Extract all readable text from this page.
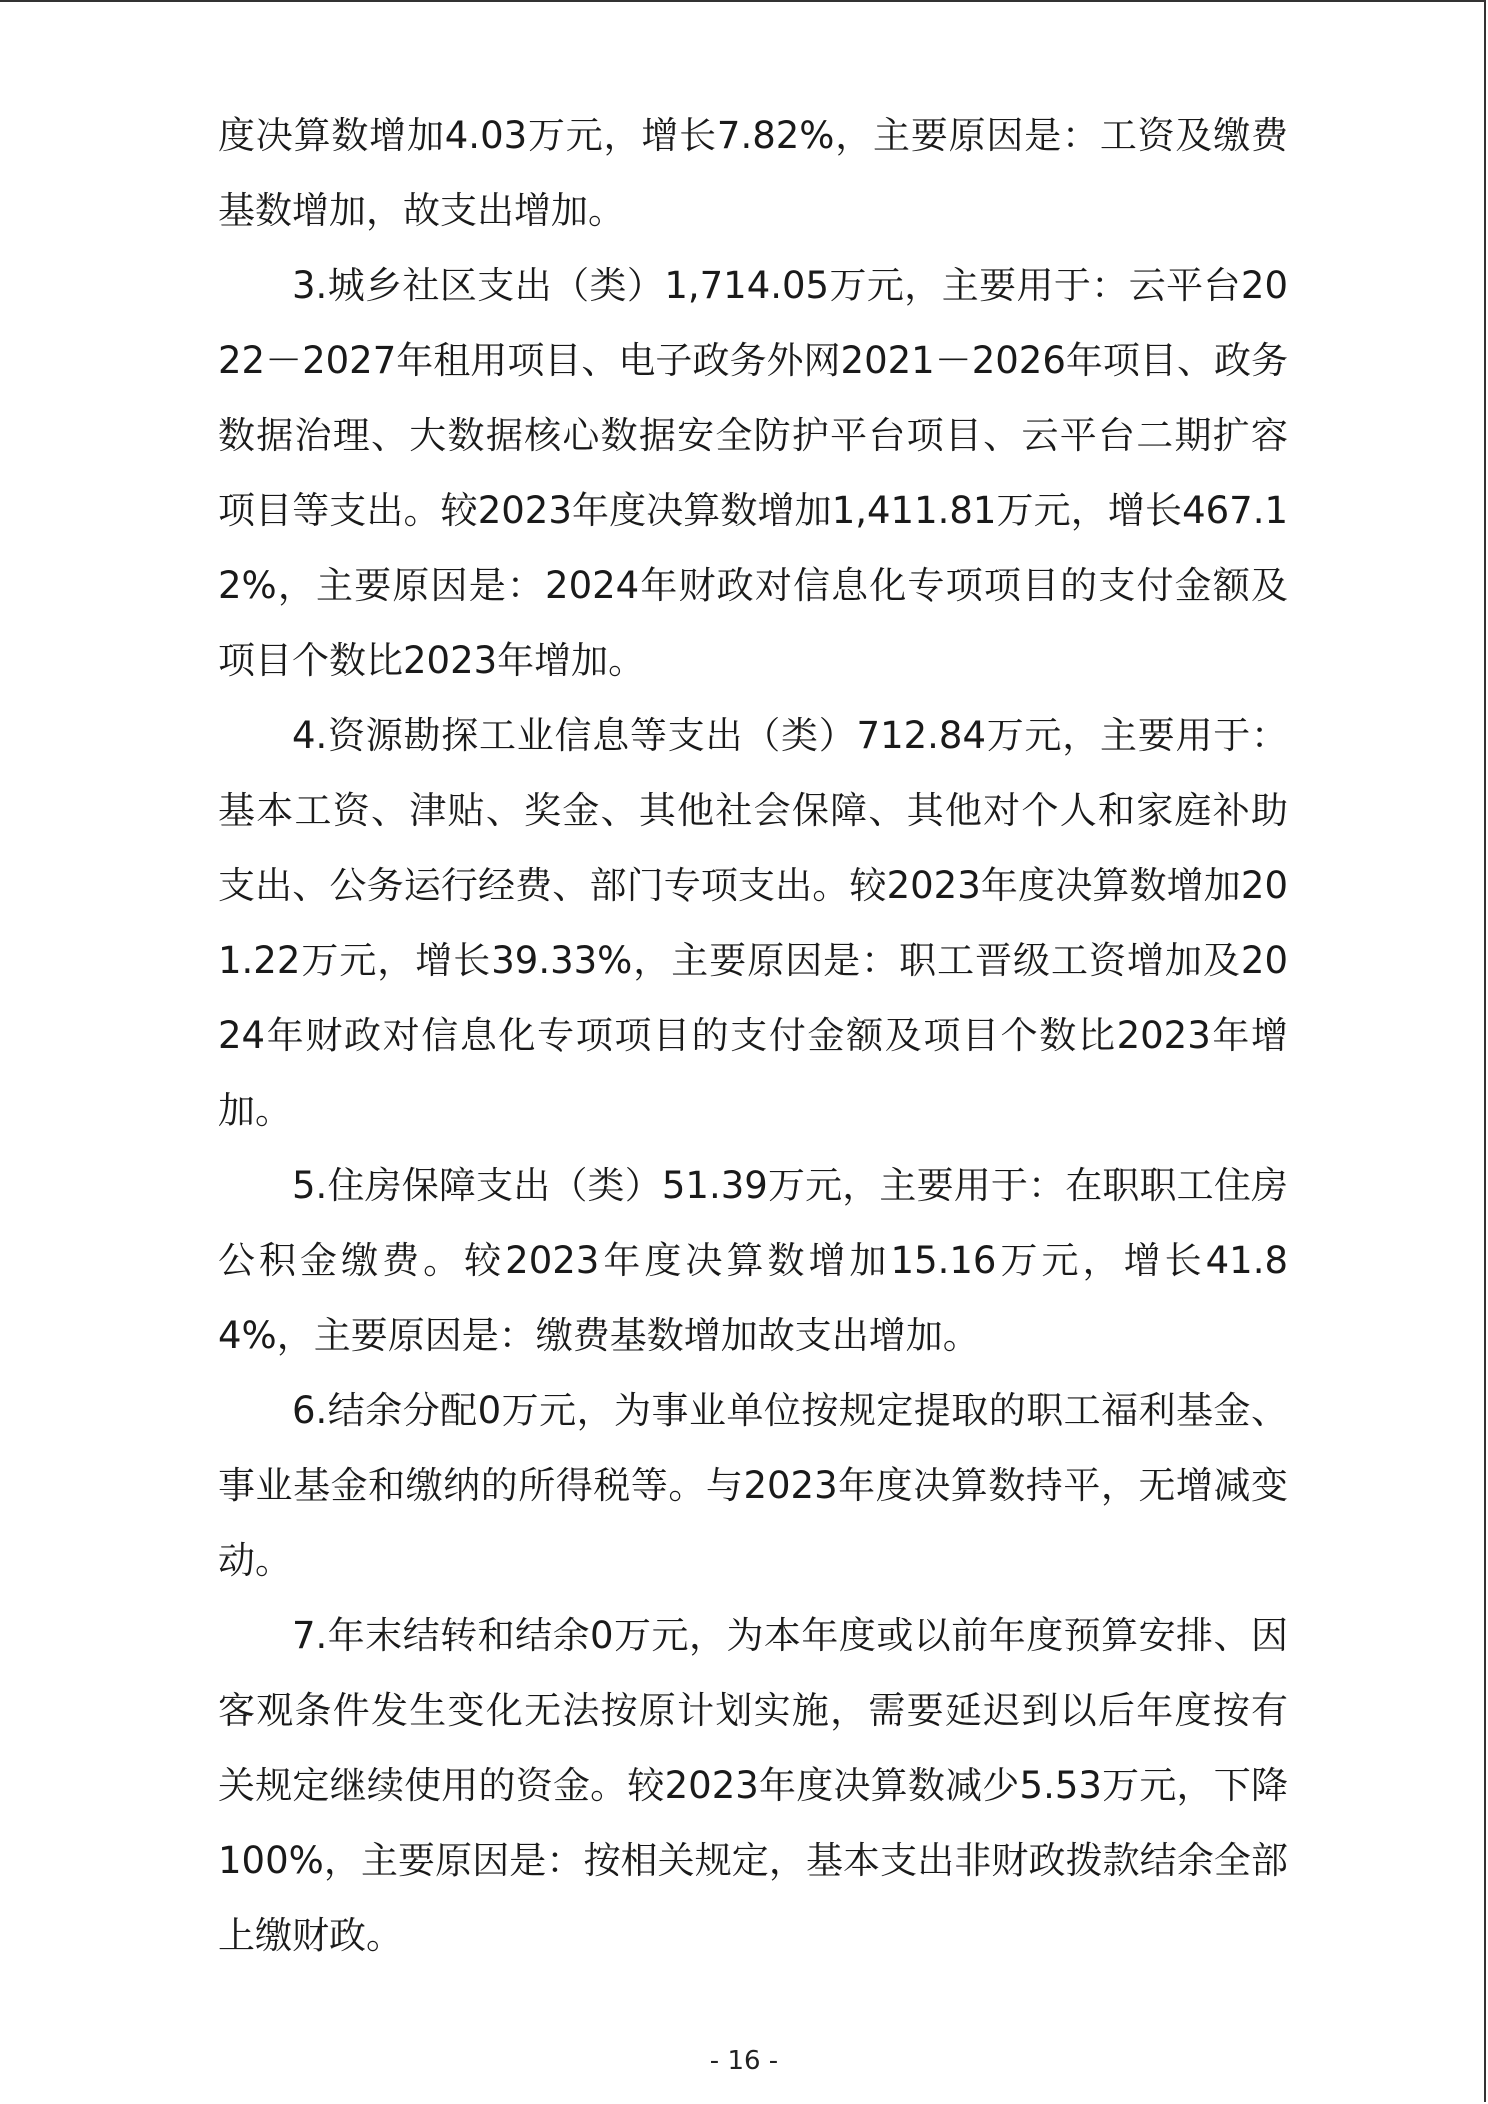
度决算数增加4.03万元，增长7.82%，主要原因是：工资及缴费基数增加，故支出增加。

3.城乡社区支出（类）1,714.05万元，主要用于：云平台2022－2027年租用项目、电子政务外网2021－2026年项目、政务数据治理、大数据核心数据安全防护平台项目、云平台二期扩容项目等支出。较2023年度决算数增加1,411.81万元，增长467.12%，主要原因是：2024年财政对信息化专项项目的支付金额及项目个数比2023年增加。

4.资源勘探工业信息等支出（类）712.84万元，主要用于：基本工资、津贴、奖金、其他社会保障、其他对个人和家庭补助支出、公务运行经费、部门专项支出。较2023年度决算数增加201.22万元，增长39.33%，主要原因是：职工晋级工资增加及2024年财政对信息化专项项目的支付金额及项目个数比2023年增加。

5.住房保障支出（类）51.39万元，主要用于：在职职工住房公积金缴费。较2023年度决算数增加15.16万元，增长41.84%，主要原因是：缴费基数增加故支出增加。

6.结余分配0万元，为事业单位按规定提取的职工福利基金、事业基金和缴纳的所得税等。与2023年度决算数持平，无增减变动。

7.年末结转和结余0万元，为本年度或以前年度预算安排、因客观条件发生变化无法按原计划实施，需要延迟到以后年度按有关规定继续使用的资金。较2023年度决算数减少5.53万元，下降100%，主要原因是：按相关规定，基本支出非财政拨款结余全部上缴财政。

- 16 -
